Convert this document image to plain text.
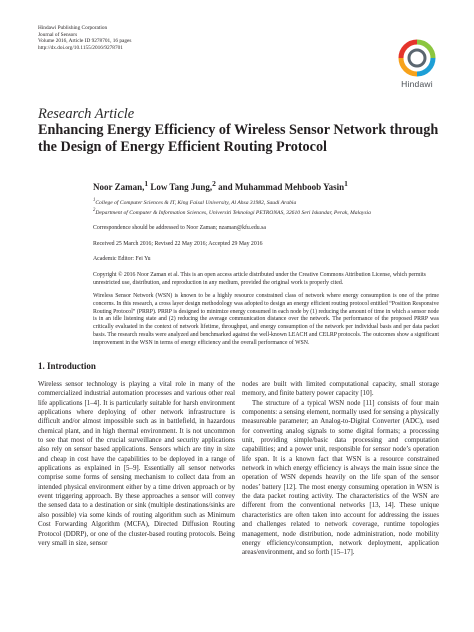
Hindawi Publishing Corporation
Journal of Sensors
Volume 2016, Article ID 9278701, 16 pages
http://dx.doi.org/10.1155/2016/9278701
Hindawi
Research Article
Enhancing Energy Efficiency of Wireless Sensor Network through the Design of Energy Efficient Routing Protocol
Noor Zaman,$^1$ Low Tang Jung,$^2$ and Muhammad Mehboob Yasin$^1$
$^1$College of Computer Sciences & IT, King Faisal University, Al Ahsa 31982, Saudi Arabia
$^2$Department of Computer & Information Sciences, Universiti Teknologi PETRONAS, 32610 Seri Iskandar, Perak, Malaysia
Correspondence should be addressed to Noor Zaman; nzaman@kfu.edu.sa
Received 25 March 2016; Revised 22 May 2016; Accepted 29 May 2016
Academic Editor: Fei Yu
Copyright © 2016 Noor Zaman et al. This is an open access article distributed under the Creative Commons Attribution License, which permits unrestricted use, distribution, and reproduction in any medium, provided the original work is properly cited.
Wireless Sensor Network (WSN) is known to be a highly resource constrained class of network where energy consumption is one of the prime concerns. In this research, a cross layer design methodology was adopted to design an energy efficient routing protocol entitled “Position Responsive Routing Protocol” (PRRP). PRRP is designed to minimize energy consumed in each node by (1) reducing the amount of time in which a sensor node is in an idle listening state and (2) reducing the average communication distance over the network. The performance of the proposed PRRP was critically evaluated in the context of network lifetime, throughput, and energy consumption of the network per individual basis and per data packet basis. The research results were analyzed and benchmarked against the well-known LEACH and CELRP protocols. The outcomes show a significant improvement in the WSN in terms of energy efficiency and the overall performance of WSN.
1. Introduction

Wireless sensor technology is playing a vital role in many of the commercialized industrial automation processes and various other real life applications [1–4]. It is particularly suitable for harsh environment applications where deploying of other network infrastructure is difficult and/or almost impossible such as in battlefield, in hazardous chemical plant, and in high thermal environment. It is not uncommon to see that most of the crucial surveillance and security applications also rely on sensor based applications. Sensors which are tiny in size and cheap in cost have the capabilities to be deployed in a range of applications as explained in [5–9]. Essentially all sensor networks comprise some forms of sensing mechanism to collect data from an intended physical environment either by a time driven approach or by event triggering approach. By these approaches a sensor will convey the sensed data to a destination or sink (multiple destinations/sinks are also possible) via some kinds of routing algorithm such as Minimum Cost Forwarding Algorithm (MCFA), Directed Diffusion Routing Protocol (DDRP), or one of the cluster-based routing protocols. Being very small in size, sensor

nodes are built with limited computational capacity, small storage memory, and finite battery power capacity [10].

The structure of a typical WSN node [11] consists of four main components: a sensing element, normally used for sensing a physically measureable parameter; an Analog-to-Digital Converter (ADC), used for converting analog signals to some digital formats; a processing unit, providing simple/basic data processing and computation capabilities; and a power unit, responsible for sensor node’s operation life span. It is a known fact that WSN is a resource constrained network in which energy efficiency is always the main issue since the operation of WSN depends heavily on the life span of the sensor nodes’ battery [12]. The most energy consuming operation in WSN is the data packet routing activity. The characteristics of the WSN are different from the conventional networks [13, 14]. These unique characteristics are often taken into account for addressing the issues and challenges related to network coverage, runtime topologies management, node distribution, node administration, node mobility energy efficiency/consumption, network deployment, application areas/environment, and so forth [15–17].
